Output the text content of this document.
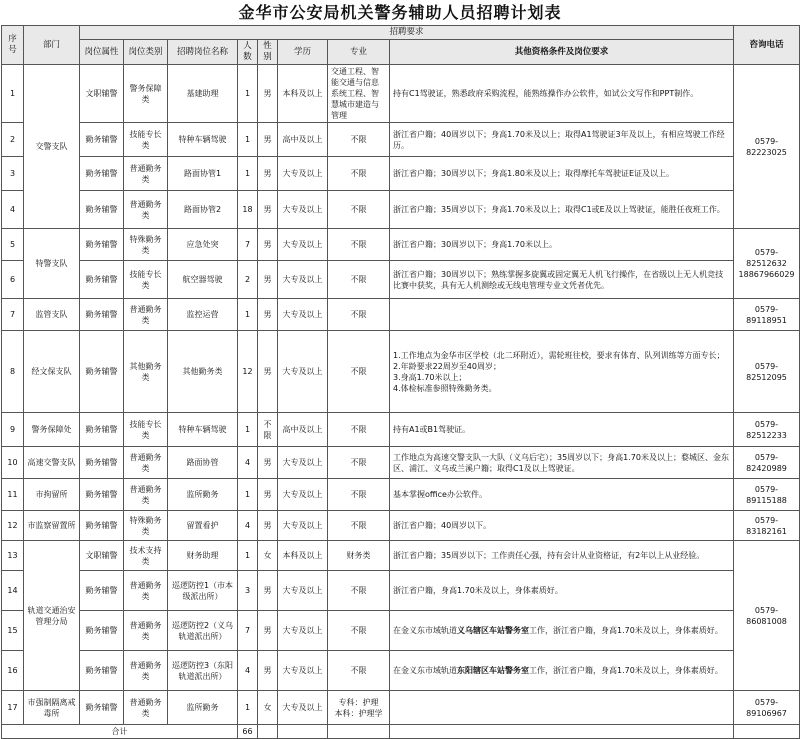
金华市公安局机关警务辅助人员招聘计划表
序号	部门	招聘要求								咨询电话
		岗位属性	岗位类别	招聘岗位名称	人数	性别	学历	专业	其他资格条件及岗位要求	
1	交警支队	文职辅警	警务保障类	基建助理	1	男	本科及以上	交通工程、智能交通与信息系统工程、智慧城市建造与管理	持有C1驾驶证，熟悉政府采购流程，能熟练操作办公软件，如试公文写作和PPT制作。	0579-82223025
2		勤务辅警	技能专长类	特种车辆驾驶	1	男	高中及以上	不限	浙江省户籍；40周岁以下；身高1.70米及以上；取得A1驾驶证3年及以上，有相应驾驶工作经历。	
3		勤务辅警	普通勤务类	路面协管1	1	男	大专及以上	不限	浙江省户籍；30周岁以下；身高1.80米及以上；取得摩托车驾驶证E证及以上。	
4		勤务辅警	普通勤务类	路面协管2	18	男	大专及以上	不限	浙江省户籍；35周岁以下；身高1.70米及以上；取得C1或E及以上驾驶证，能胜任夜班工作。	
5	特警支队	勤务辅警	特殊勤务类	应急处突	7	男	大专及以上	不限	浙江省户籍；30周岁以下；身高1.70米以上。	0579-82512632
18867966029
6		勤务辅警	技能专长类	航空器驾驶	2	男	大专及以上	不限	浙江省户籍；30周岁以下；熟练掌握多旋翼或固定翼无人机飞行操作，在省级以上无人机竞技比赛中获奖，具有无人机测绘或无线电管理专业文凭者优先。	
7	监管支队	勤务辅警	普通勤务类	监控运营	1	男	大专及以上	不限		0579-89118951
8	经文保支队	勤务辅警	其他勤务类	其他勤务类	12	男	大专及以上	不限	1.工作地点为金华市区学校（北二环附近），需轮班往校，要求有体育、队列训练等方面专长；
2.年龄要求22周岁至40周岁；
3.身高1.70米以上；
4.体检标准参照特殊勤务类。	0579-82512095
9	警务保障处	勤务辅警	技能专长类	特种车辆驾驶	1	不限	高中及以上	不限	持有A1或B1驾驶证。	0579-82512233
10	高速交警支队	勤务辅警	普通勤务类	路面协管	4	男	大专及以上	不限	工作地点为高速交警支队一大队（义乌后宅）；35周岁以下；身高1.70米及以上；婺城区、金东区、浦江、义乌或兰溪户籍；取得C1及以上驾驶证。	0579-82420989
11	市拘留所	勤务辅警	普通勤务类	监所勤务	1	男	大专及以上	不限	基本掌握office办公软件。	0579-89115188
12	市监察留置所	勤务辅警	特殊勤务类	留置看护	4	男	大专及以上	不限	浙江省户籍；40周岁以下。	0579-83182161
13	轨道交通治安管理分局	文职辅警	技术支持类	财务助理	1	女	本科及以上	财务类	浙江省户籍；35周岁以下；工作责任心强，持有会计从业资格证，有2年以上从业经验。	0579-86081008
14		勤务辅警	普通勤务类	巡逻防控1（市本级派出所）	3	男	大专及以上	不限	浙江省户籍，身高1.70米及以上，身体素质好。	
15		勤务辅警	普通勤务类	巡逻防控2（义乌轨道派出所）	7	男	大专及以上	不限	在金义东市域轨道义乌辖区车站警务室工作，浙江省户籍，身高1.70米及以上，身体素质好。	
16		勤务辅警	普通勤务类	巡逻防控3（东阳轨道派出所）	4	男	大专及以上	不限	在金义东市域轨道东阳辖区车站警务室工作，浙江省户籍，身高1.70米及以上，身体素质好。	
17	市强制隔离戒毒所	勤务辅警	普通勤务类	监所勤务	1	女	大专及以上	专科：护理
本科：护理学		0579-89106967
合计					66					
